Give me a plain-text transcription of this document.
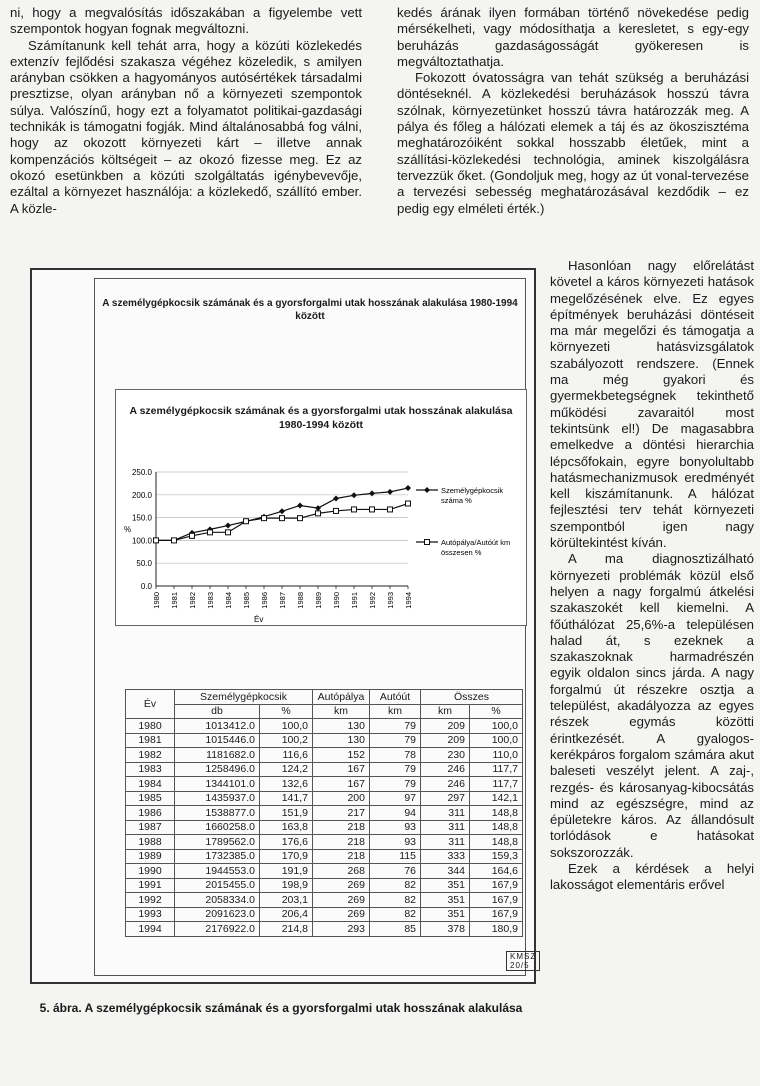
ni, hogy a megvalósítás időszakában a figyelembe vett szempontok hogyan fognak megváltozni.

Számítanunk kell tehát arra, hogy a közúti közlekedés extenzív fejlődési szakasza végéhez közeledik, s amilyen arányban csökken a hagyományos autósértékek társadalmi presztizse, olyan arányban nő a környezeti szempontok súlya. Valószínű, hogy ezt a folyamatot politikai-gazdasági technikák is támogatni fogják. Mind általánosabbá fog válni, hogy az okozott környezeti kárt – illetve annak kompenzációs költségeit – az okozó fizesse meg. Ez az okozó esetünkben a közúti szolgáltatás igénybevevője, ezáltal a környezet használója: a közlekedő, szállító ember. A közle-

kedés árának ilyen formában történő növekedése pedig mérsékelheti, vagy módosíthatja a keresletet, s egy-egy beruházás gazdaságosságát gyökeresen is megváltoztathatja.

Fokozott óvatosságra van tehát szükség a beruházási döntéseknél. A közlekedési beruházások hosszú távra szólnak, környezetünket hosszú távra határozzák meg. A pálya és főleg a hálózati elemek a táj és az ökoszisztéma meghatározóiként sokkal hosszabb életűek, mint a szállítási-közlekedési technológia, aminek kiszolgálásra tervezzük őket. (Gondoljuk meg, hogy az út vonal-tervezése a tervezési sebesség meghatározásával kezdődik – ez pedig egy elméleti érték.)

Hasonlóan nagy előrelátást követel a káros környezeti hatások megelőzésének elve. Ez egyes építmények beruházási döntéseit ma már megelőzi és támogatja a környezeti hatásvizsgálatok szabályozott rendszere. (Ennek ma még gyakori és gyermekbetegségnek tekinthető működési zavaraitól most tekintsünk el!) De magasabbra emelkedve a döntési hierarchia lépcsőfokain, egyre bonyolultabb hatásmechanizmusok eredményét kell kiszámítanunk. A hálózat fejlesztési terv tehát környezeti szempontból igen nagy körültekintést kíván.

A ma diagnosztizálható környezeti problémák közül első helyen a nagy forgalmú átkelési szakaszokét kell kiemelni. A főúthálózat 25,6%-a településen halad át, s ezeknek a szakaszoknak harmadrészén egyik oldalon sincs járda. A nagy forgalmú út részekre osztja a települést, akadályozza az egyes részek egymás közötti érintkezését. A gyalogos-kerékpáros forgalom számára akut baleseti veszélyt jelent. A zaj-, rezgés- és károsanyag-kibocsátás mind az egészségre, mind az épületekre káros. Az állandósult torlódások e hatásokat sokszorozzák.

Ezek a kérdések a helyi lakosságot elementáris erővel

A személygépkocsik számának és a gyorsforgalmi utak hosszának alakulása 1980-1994 között
A személygépkocsik számának és a gyorsforgalmi utak hosszának alakulása 1980-1994 között
0.0
50.0
100.0
150.0
200.0
250.0
%
1980 1981 1982 1983 1984 1985 1986 1987 1988 1989 1990 1991 1992 1993 1994
Év
Személygépkocsik
száma %
Autópálya/Autóút km
összesen %
Év	Személygépkocsik		Autópálya	Autóút	Összes	
	db	%	km	km	km	%
1980	1013412.0	100,0	130	79	209	100,0
1981	1015446.0	100,2	130	79	209	100,0
1982	1181682.0	116,6	152	78	230	110,0
1983	1258496.0	124,2	167	79	246	117,7
1984	1344101.0	132,6	167	79	246	117,7
1985	1435937.0	141,7	200	97	297	142,1
1986	1538877.0	151,9	217	94	311	148,8
1987	1660258.0	163,8	218	93	311	148,8
1988	1789562.0	176,6	218	93	311	148,8
1989	1732385.0	170,9	218	115	333	159,3
1990	1944553.0	191,9	268	76	344	164,6
1991	2015455.0	198,9	269	82	351	167,9
1992	2058334.0	203,1	269	82	351	167,9
1993	2091623.0	206,4	269	82	351	167,9
1994	2176922.0	214,8	293	85	378	180,9
KMSZ 20/5
5. ábra. A személygépkocsik számának és a gyorsforgalmi utak hosszának alakulása
